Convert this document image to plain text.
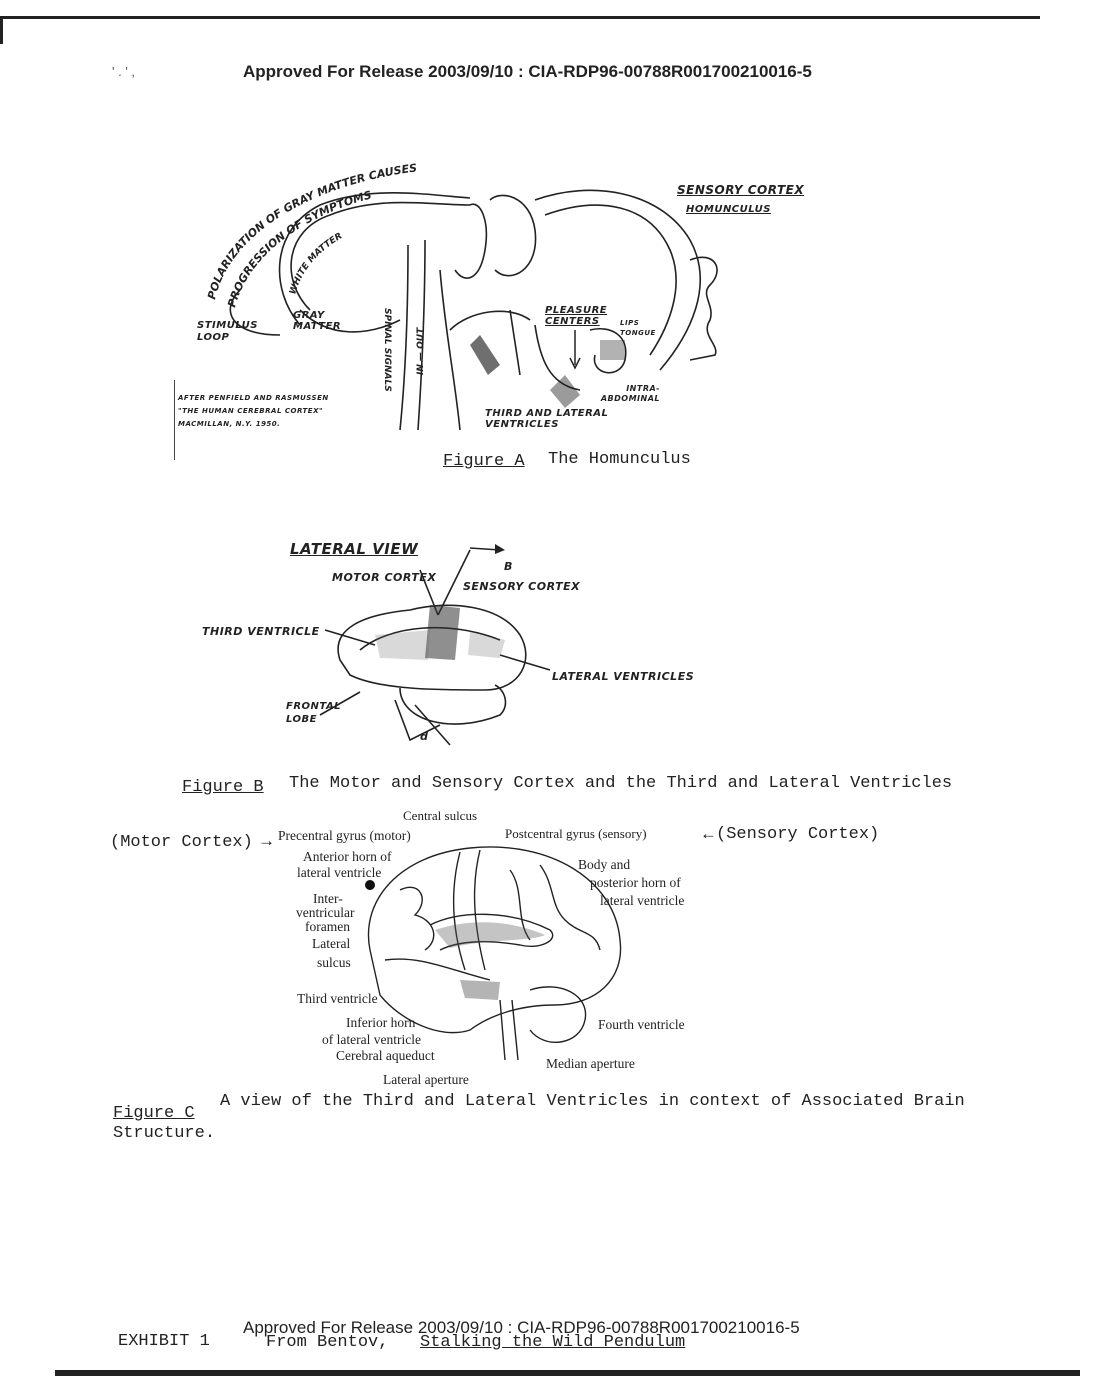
' . ' ,	Approved For Release 2003/09/10 : CIA-RDP96-00788R001700210016-5
POLARIZATION OF GRAY MATTER CAUSES
PROGRESSION OF SYMPTOMS
WHITE MATTER
SPINAL SIGNALS	IN — OUT
SENSORY CORTEX
HOMUNCULUS
GRAY MATTER
STIMULUS LOOP
PLEASURE CENTERS	LIPS TONGUE
INTRA-ABDOMINAL
THIRD AND LATERAL
VENTRICLES
AFTER PENFIELD AND RASMUSSEN
"THE HUMAN CEREBRAL CORTEX"
MACMILLAN, N.Y. 1950.
Figure A The Homunculus
B
d
LATERAL VIEW
MOTOR CORTEX
SENSORY CORTEX
THIRD VENTRICLE
LATERAL VENTRICLES
FRONTAL LOBE
Figure B The Motor and Sensory Cortex and the Third and Lateral Ventricles
Central sulcus
(Motor Cortex) → Precentral gyrus (motor)	Postcentral gyrus (sensory)	← (Sensory Cortex)
Anterior horn of
lateral ventricle
Body and
posterior horn of
lateral ventricle
Inter-
ventricular
foramen
Lateral
sulcus
Third ventricle
Inferior horn
of lateral ventricle
Fourth ventricle
Cerebral aqueduct
Median aperture
Lateral aperture
Figure C
A view of the Third and Lateral Ventricles in context of Associated Brain
Structure.
Approved For Release 2003/09/10 : CIA-RDP96-00788R001700210016-5
EXHIBIT 1	From Bentov, Stalking the Wild Pendulum
